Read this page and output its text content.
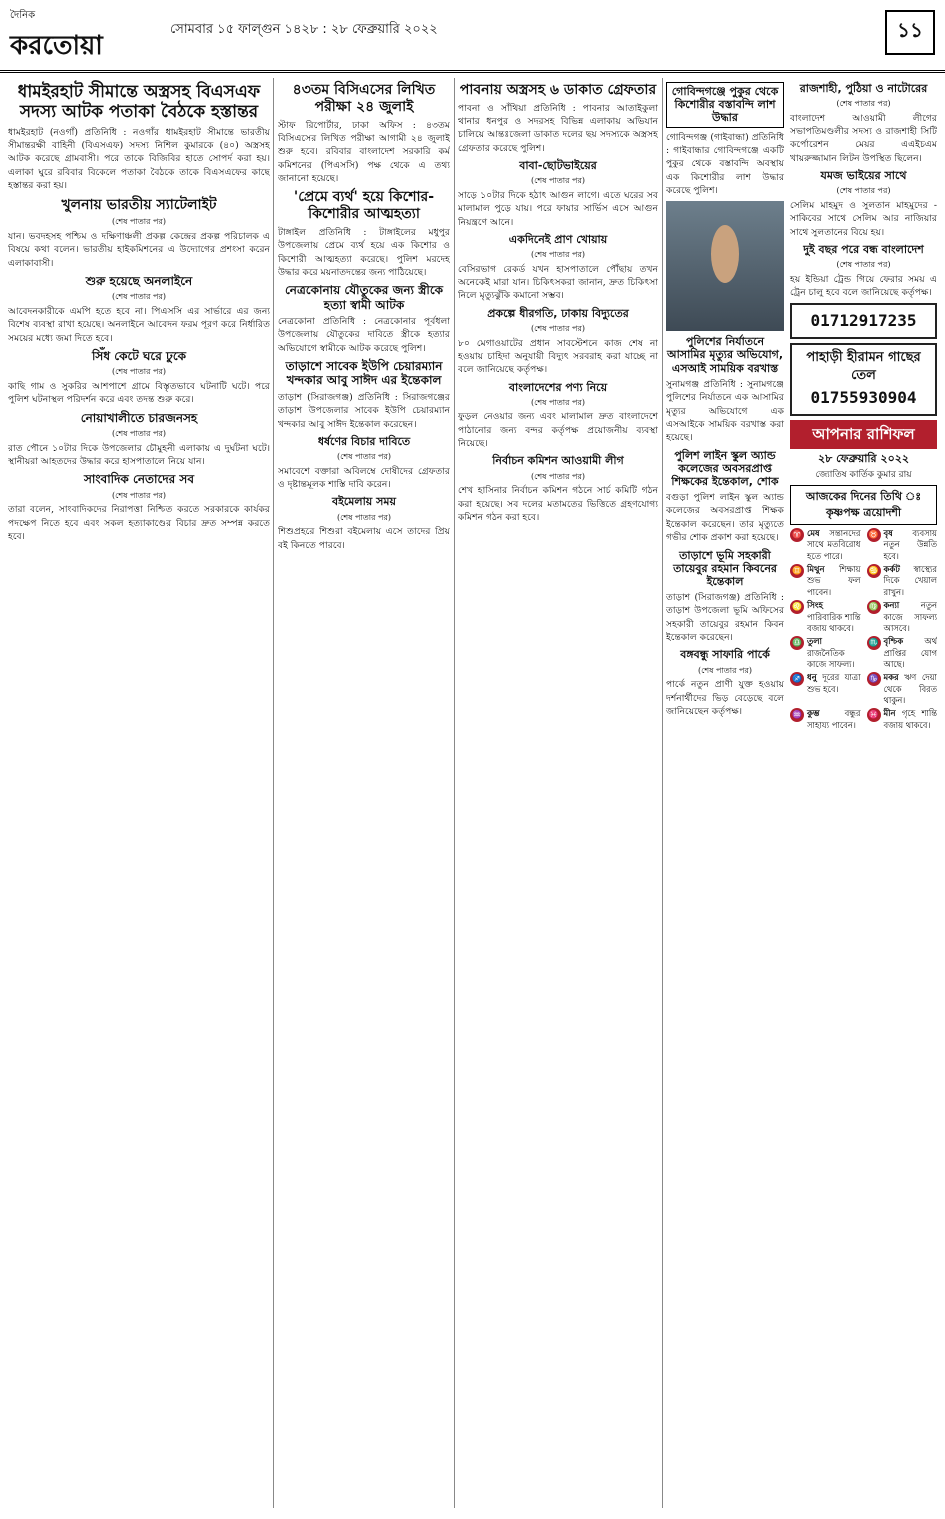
দৈনিক
করতোয়া
সোমবার ১৫ ফাল্গুন ১৪২৮ : ২৮ ফেব্রুয়ারি ২০২২	১১
ধামইরহাট সীমান্তে অস্ত্রসহ বিএসএফ সদস্য আটক পতাকা বৈঠকে হস্তান্তর

ধামইরহাট (নওগাঁ) প্রতিনিধি : নওগাঁর ধামইরহাট সীমান্তে ভারতীয় সীমান্তরক্ষী বাহিনী (বিএসএফ) সদস্য নিশিল কুমারকে (৪০) অস্ত্রসহ আটক করেছে গ্রামবাসী। পরে তাকে বিজিবির হাতে সোপর্দ করা হয়। এলাকা ঘুরে রবিবার বিকেলে পতাকা বৈঠকে তাকে বিএসএফের কাছে হস্তান্তর করা হয়।

খুলনায় ভারতীয় স্যাটেলাইট
(শেষ পাতার পর)

যান। ভবদহসহ পশ্চিম ও দক্ষিণাঞ্চলী প্রকল্প কেন্দ্রের প্রকল্প পরিচালক এ বিষয়ে কথা বলেন। ভারতীয় হাইকমিশনের এ উদ্যোগের প্রশংসা করেন এলাকাবাসী।

শুরু হয়েছে অনলাইনে
(শেষ পাতার পর)

আবেদনকারীকে এমপি হতে হবে না। পিএসসি এর সার্ভারে এর জন্য বিশেষ ব্যবস্থা রাখা হয়েছে। অনলাইনে আবেদন ফরম পূরণ করে নির্ধারিত সময়ের মধ্যে জমা দিতে হবে।

সিঁধ কেটে ঘরে ঢুকে
(শেষ পাতার পর)

কাছি গাম ও সুকরির আশপাশে গ্রামে বিস্তৃতভাবে ঘটনাটি ঘটে। পরে পুলিশ ঘটনাস্থল পরিদর্শন করে এবং তদন্ত শুরু করে।

নোয়াখালীতে চারজনসহ
(শেষ পাতার পর)

রাত পৌনে ১০টার দিকে উপজেলার চৌমুহনী এলাকায় এ দুর্ঘটনা ঘটে। স্থানীয়রা আহতদের উদ্ধার করে হাসপাতালে নিয়ে যান।

সাংবাদিক নেতাদের সব
(শেষ পাতার পর)

তারা বলেন, সাংবাদিকদের নিরাপত্তা নিশ্চিত করতে সরকারকে কার্যকর পদক্ষেপ নিতে হবে এবং সকল হত্যাকাণ্ডের বিচার দ্রুত সম্পন্ন করতে হবে।

৪৩তম বিসিএসের লিখিত পরীক্ষা ২৪ জুলাই

স্টাফ রিপোর্টার, ঢাকা অফিস : ৪৩তম বিসিএসের লিখিত পরীক্ষা আগামী ২৪ জুলাই শুরু হবে। রবিবার বাংলাদেশ সরকারি কর্ম কমিশনের (পিএসসি) পক্ষ থেকে এ তথ্য জানানো হয়েছে।

'প্রেমে ব্যর্থ' হয়ে কিশোর-কিশোরীর আত্মহত্যা

টাঙ্গাইল প্রতিনিধি : টাঙ্গাইলের মধুপুর উপজেলায় প্রেমে ব্যর্থ হয়ে এক কিশোর ও কিশোরী আত্মহত্যা করেছে। পুলিশ মরদেহ উদ্ধার করে ময়নাতদন্তের জন্য পাঠিয়েছে।

নেত্রকোনায় যৌতুকের জন্য স্ত্রীকে হত্যা স্বামী আটক

নেত্রকোনা প্রতিনিধি : নেত্রকোনার পূর্বধলা উপজেলায় যৌতুকের দাবিতে স্ত্রীকে হত্যার অভিযোগে স্বামীকে আটক করেছে পুলিশ।

তাড়াশে সাবেক ইউপি চেয়ারম্যান খন্দকার আবু সাঈদ এর ইন্তেকাল

তাড়াশ (সিরাজগঞ্জ) প্রতিনিধি : সিরাজগঞ্জের তাড়াশ উপজেলার সাবেক ইউপি চেয়ারম্যান খন্দকার আবু সাঈদ ইন্তেকাল করেছেন।

ধর্ষণের বিচার দাবিতে
(শেষ পাতার পর)

সমাবেশে বক্তারা অবিলম্বে দোষীদের গ্রেফতার ও দৃষ্টান্তমূলক শাস্তি দাবি করেন।

বইমেলায় সময়
(শেষ পাতার পর)

শিশুপ্রহরে শিশুরা বইমেলায় এসে তাদের প্রিয় বই কিনতে পারবে।

পাবনায় অস্ত্রসহ ৬ ডাকাত গ্রেফতার

পাবনা ও সাঁথিয়া প্রতিনিধি : পাবনার আতাইকুলা থানার ধনপুর ও সদরসহ বিভিন্ন এলাকায় অভিযান চালিয়ে আন্তঃজেলা ডাকাত দলের ছয় সদস্যকে অস্ত্রসহ গ্রেফতার করেছে পুলিশ।

বাবা-ছোটভাইয়ের
(শেষ পাতার পর)

সাড়ে ১০টার দিকে হঠাৎ আগুন লাগে। এতে ঘরের সব মালামাল পুড়ে যায়। পরে ফায়ার সার্ভিস এসে আগুন নিয়ন্ত্রণে আনে।

একদিনেই প্রাণ খোয়ায়
(শেষ পাতার পর)

বেসিরভাগ রেকর্ড যখন হাসপাতালে পৌঁছায় তখন অনেকেই মারা যান। চিকিৎসকরা জানান, দ্রুত চিকিৎসা নিলে মৃত্যুঝুঁকি কমানো সম্ভব।

প্রকল্পে ধীরগতি, ঢাকায় বিদ্যুতের
(শেষ পাতার পর)

৮০ মেগাওয়াটের প্রধান সাবস্টেশনে কাজ শেষ না হওয়ায় চাহিদা অনুযায়ী বিদ্যুৎ সরবরাহ করা যাচ্ছে না বলে জানিয়েছে কর্তৃপক্ষ।

বাংলাদেশের পণ্য নিয়ে
(শেষ পাতার পর)

ফুড়ল নেওয়ার জন্য এবং মালামাল দ্রুত বাংলাদেশে পাঠানোর জন্য বন্দর কর্তৃপক্ষ প্রয়োজনীয় ব্যবস্থা নিয়েছে।

নির্বাচন কমিশন আওয়ামী লীগ
(শেষ পাতার পর)

শেখ হাসিনার নির্বাচন কমিশন গঠনে সার্চ কমিটি গঠন করা হয়েছে। সব দলের মতামতের ভিত্তিতে গ্রহণযোগ্য কমিশন গঠন করা হবে।

গোবিন্দগঞ্জে পুকুর থেকে কিশোরীর বস্তাবন্দি লাশ উদ্ধার

গোবিন্দগঞ্জ (গাইবান্ধা) প্রতিনিধি : গাইবান্ধার গোবিন্দগঞ্জে একটি পুকুর থেকে বস্তাবন্দি অবস্থায় এক কিশোরীর লাশ উদ্ধার করেছে পুলিশ।

পুলিশের নির্যাতনে আসামির মৃত্যুর অভিযোগ, এসআই সাময়িক বরখাস্ত

সুনামগঞ্জ প্রতিনিধি : সুনামগঞ্জে পুলিশের নির্যাতনে এক আসামির মৃত্যুর অভিযোগে এক এসআইকে সাময়িক বরখাস্ত করা হয়েছে।

পুলিশ লাইন স্কুল অ্যান্ড কলেজের অবসরপ্রাপ্ত শিক্ষকের ইন্তেকাল, শোক

বগুড়া পুলিশ লাইন স্কুল অ্যান্ড কলেজের অবসরপ্রাপ্ত শিক্ষক ইন্তেকাল করেছেন। তার মৃত্যুতে গভীর শোক প্রকাশ করা হয়েছে।

তাড়াশে ভূমি সহকারী তায়েবুর রহমান কিবনের ইন্তেকাল

তাড়াশ (সিরাজগঞ্জ) প্রতিনিধি : তাড়াশ উপজেলা ভূমি অফিসের সহকারী তায়েবুর রহমান কিবন ইন্তেকাল করেছেন।

বঙ্গবন্ধু সাফারি পার্কে
(শেষ পাতার পর)

পার্কে নতুন প্রাণী যুক্ত হওয়ায় দর্শনার্থীদের ভিড় বেড়েছে বলে জানিয়েছেন কর্তৃপক্ষ।

রাজশাহী, পুঠিয়া ও নাটোরের
(শেষ পাতার পর)

বাংলাদেশ আওয়ামী লীগের সভাপতিমণ্ডলীর সদস্য ও রাজশাহী সিটি কর্পোরেশন মেয়র এএইচএম খায়রুজ্জামান লিটন উপস্থিত ছিলেন।

যমজ ভাইয়ের সাথে
(শেষ পাতার পর)

সেলিম মাহমুদ ও সুলতান মাহমুদের - সাকিবের সাথে সেলিম আর নাজিয়ার সাথে সুলতানের বিয়ে হয়।

দুই বছর পরে বন্ধ বাংলাদেশ
(শেষ পাতার পর)

হয় ইন্ডিয়া ট্রেন্ড গিয়ে ফেরার সময় এ ট্রেন চালু হবে বলে জানিয়েছে কর্তৃপক্ষ।

01712917235
পাহাড়ী হীরামন গাছের তেল
01755930904
আপনার রাশিফল
২৮ ফেব্রুয়ারি ২০২২
জ্যোতিষ কার্তিক কুমার রায়
আজকের দিনের তিথি ঃ কৃষ্ণপক্ষ ত্রয়োদশী
♈ মেষ সন্তানদের সাথে মতবিরোধ হতে পারে।
♉ বৃষ ব্যবসায় নতুন উন্নতি হবে।
♊ মিথুন শিক্ষায় শুভ ফল পাবেন।
♋ কর্কট স্বাস্থ্যের দিকে খেয়াল রাখুন।
♌ সিংহ পারিবারিক শান্তি বজায় থাকবে।
♍ কন্যা নতুন কাজে সাফল্য আসবে।
♎ তুলা রাজনৈতিক কাজে সাফল্য।
♏ বৃশ্চিক অর্থ প্রাপ্তির যোগ আছে।
♐ ধনু দূরের যাত্রা শুভ হবে।
♑ মকর ঋণ দেয়া থেকে বিরত থাকুন।
♒ কুম্ভ বন্ধুর সাহায্য পাবেন।
♓ মীন গৃহে শান্তি বজায় থাকবে।
